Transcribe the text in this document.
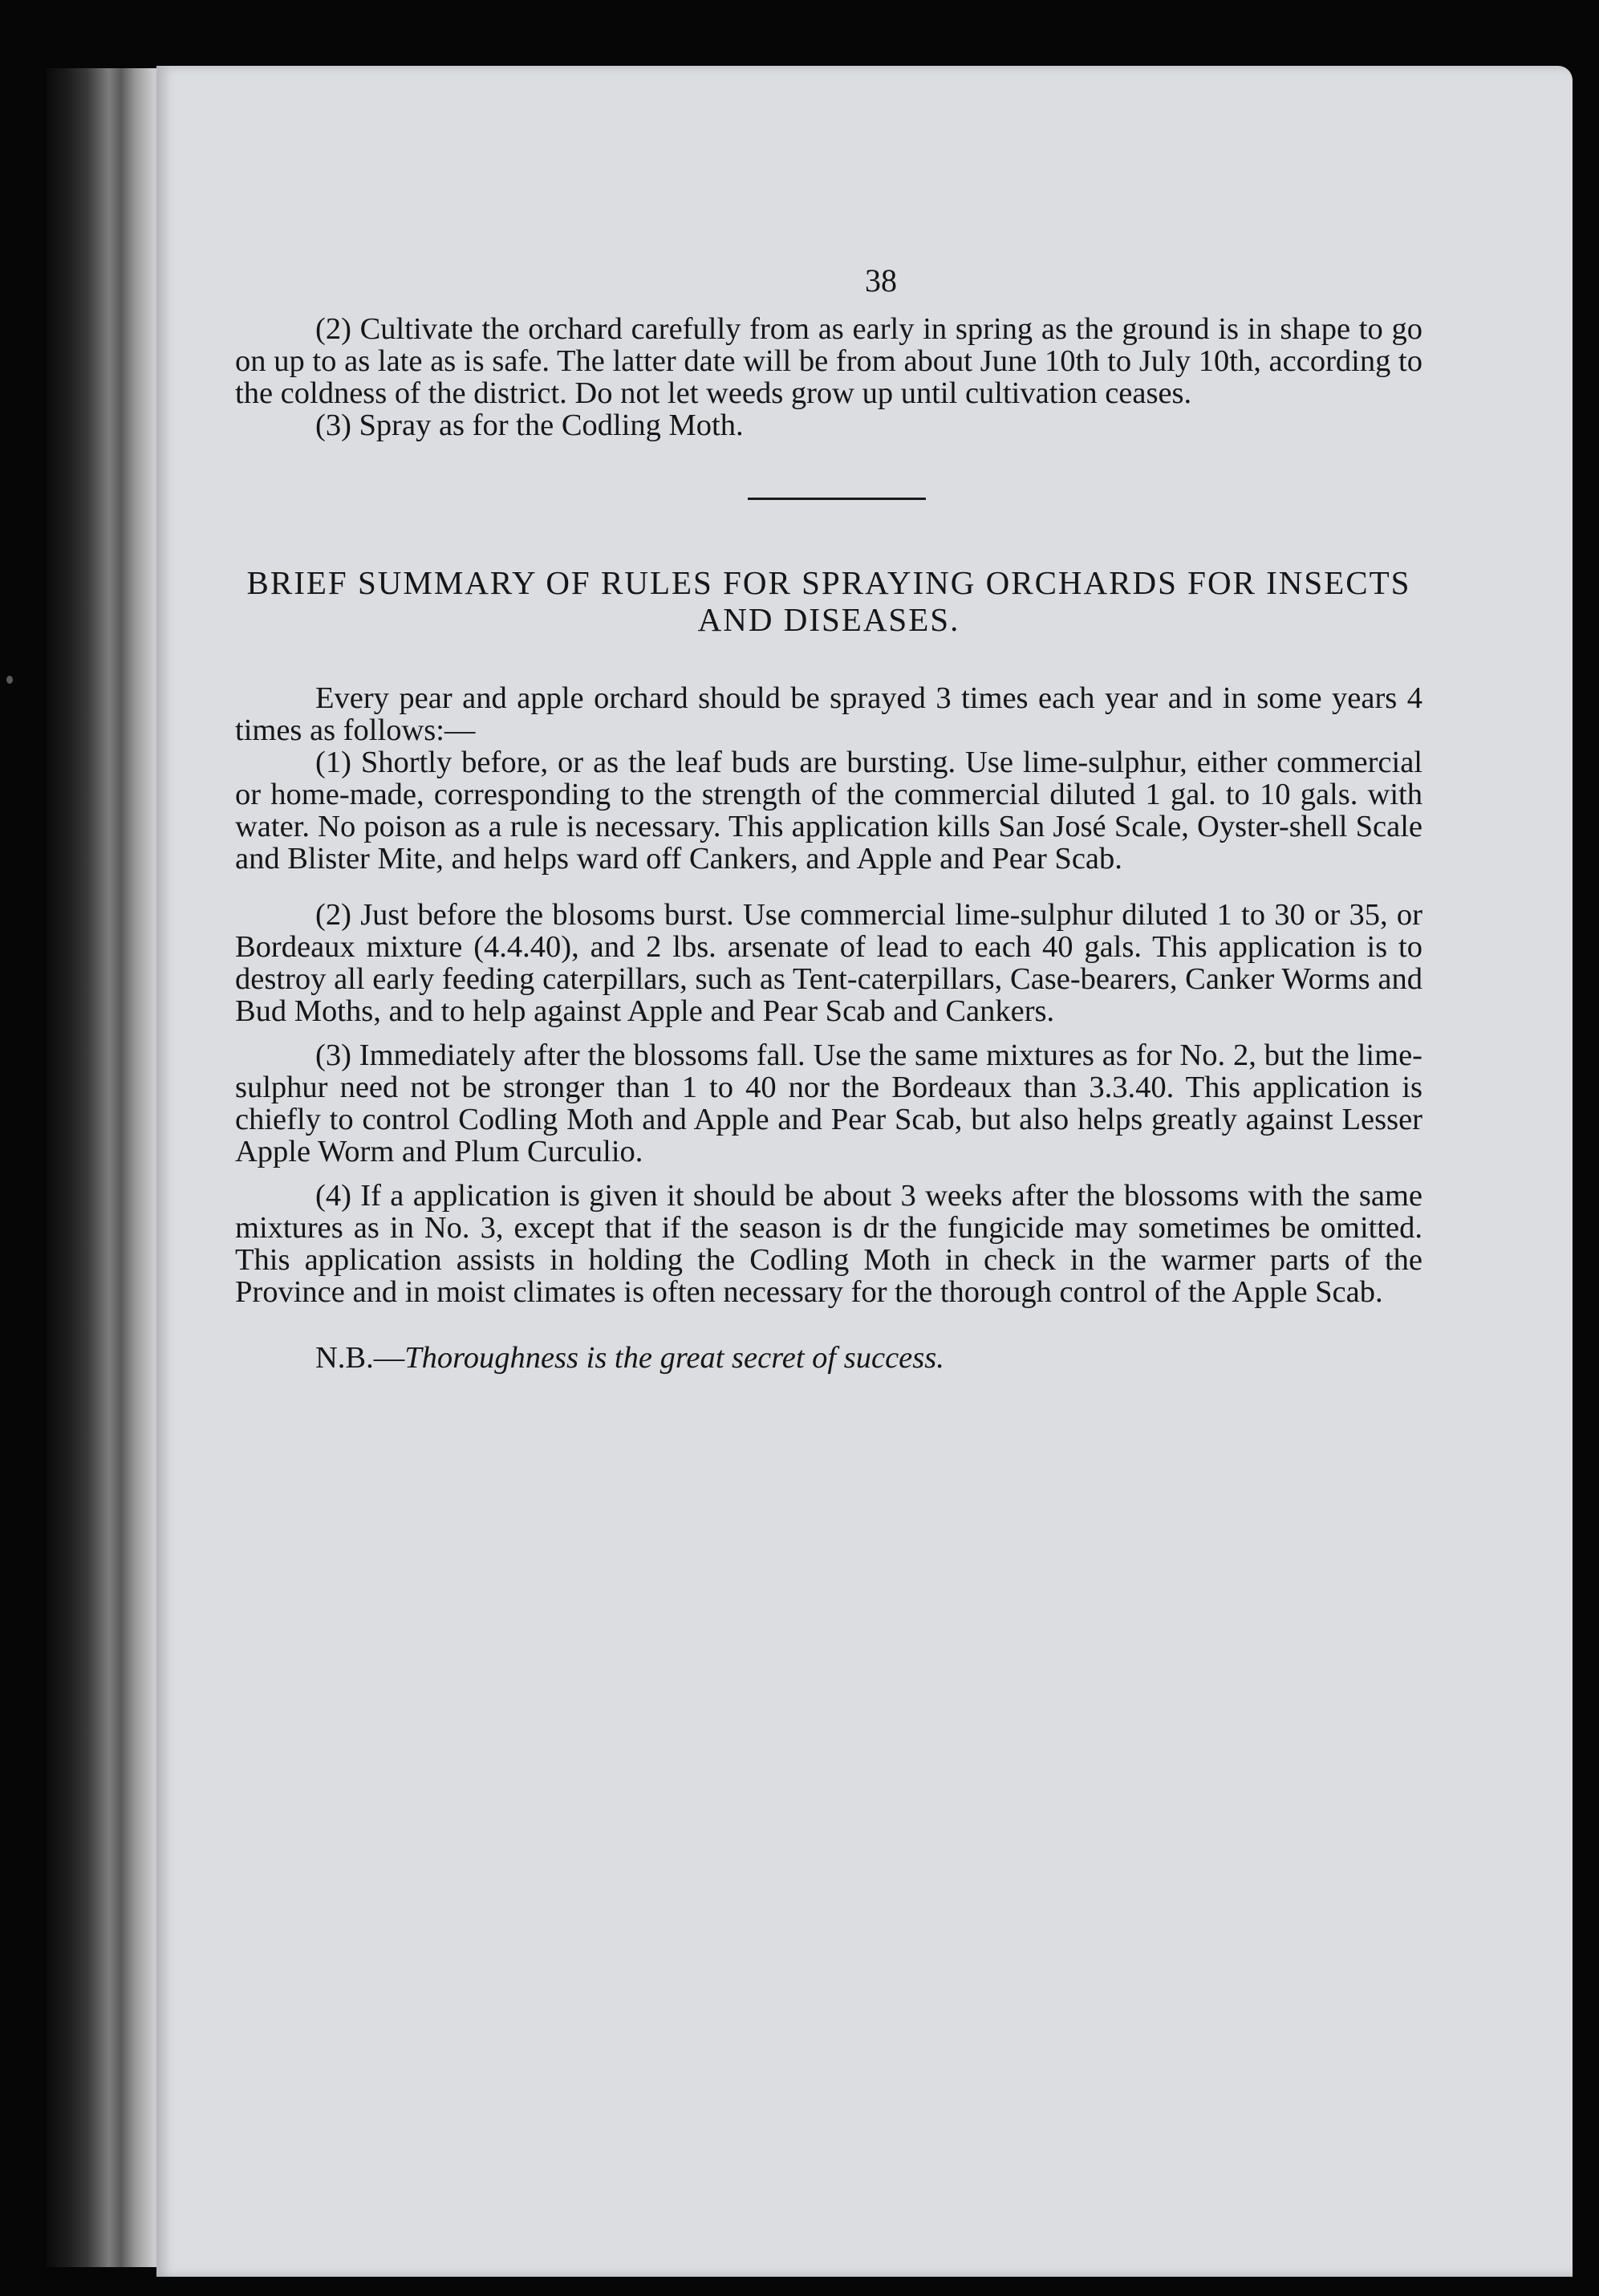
38

(2) Cultivate the orchard carefully from as early in spring as the ground is in shape to go on up to as late as is safe. The latter date will be from about June 10th to July 10th, according to the coldness of the district. Do not let weeds grow up until cultivation ceases.

(3) Spray as for the Codling Moth.

BRIEF SUMMARY OF RULES FOR SPRAYING ORCHARDS FOR INSECTS AND DISEASES.

Every pear and apple orchard should be sprayed 3 times each year and in some years 4 times as follows:—

(1) Shortly before, or as the leaf buds are bursting. Use lime-sulphur, either commercial or home-made, corresponding to the strength of the commercial diluted 1 gal. to 10 gals. with water. No poison as a rule is necessary. This application kills San José Scale, Oyster-shell Scale and Blister Mite, and helps ward off Cankers, and Apple and Pear Scab.

(2) Just before the blosoms burst. Use commercial lime-sulphur diluted 1 to 30 or 35, or Bordeaux mixture (4.4.40), and 2 lbs. arsenate of lead to each 40 gals. This application is to destroy all early feeding caterpillars, such as Tent-caterpillars, Case-bearers, Canker Worms and Bud Moths, and to help against Apple and Pear Scab and Cankers.

(3) Immediately after the blossoms fall. Use the same mixtures as for No. 2, but the lime-sulphur need not be stronger than 1 to 40 nor the Bordeaux than 3.3.40. This application is chiefly to control Codling Moth and Apple and Pear Scab, but also helps greatly against Lesser Apple Worm and Plum Curculio.

(4) If a application is given it should be about 3 weeks after the blossoms with the same mixtures as in No. 3, except that if the season is dr the fungicide may sometimes be omitted. This application assists in holding the Codling Moth in check in the warmer parts of the Province and in moist climates is often necessary for the thorough control of the Apple Scab.

N.B.—Thoroughness is the great secret of success.
